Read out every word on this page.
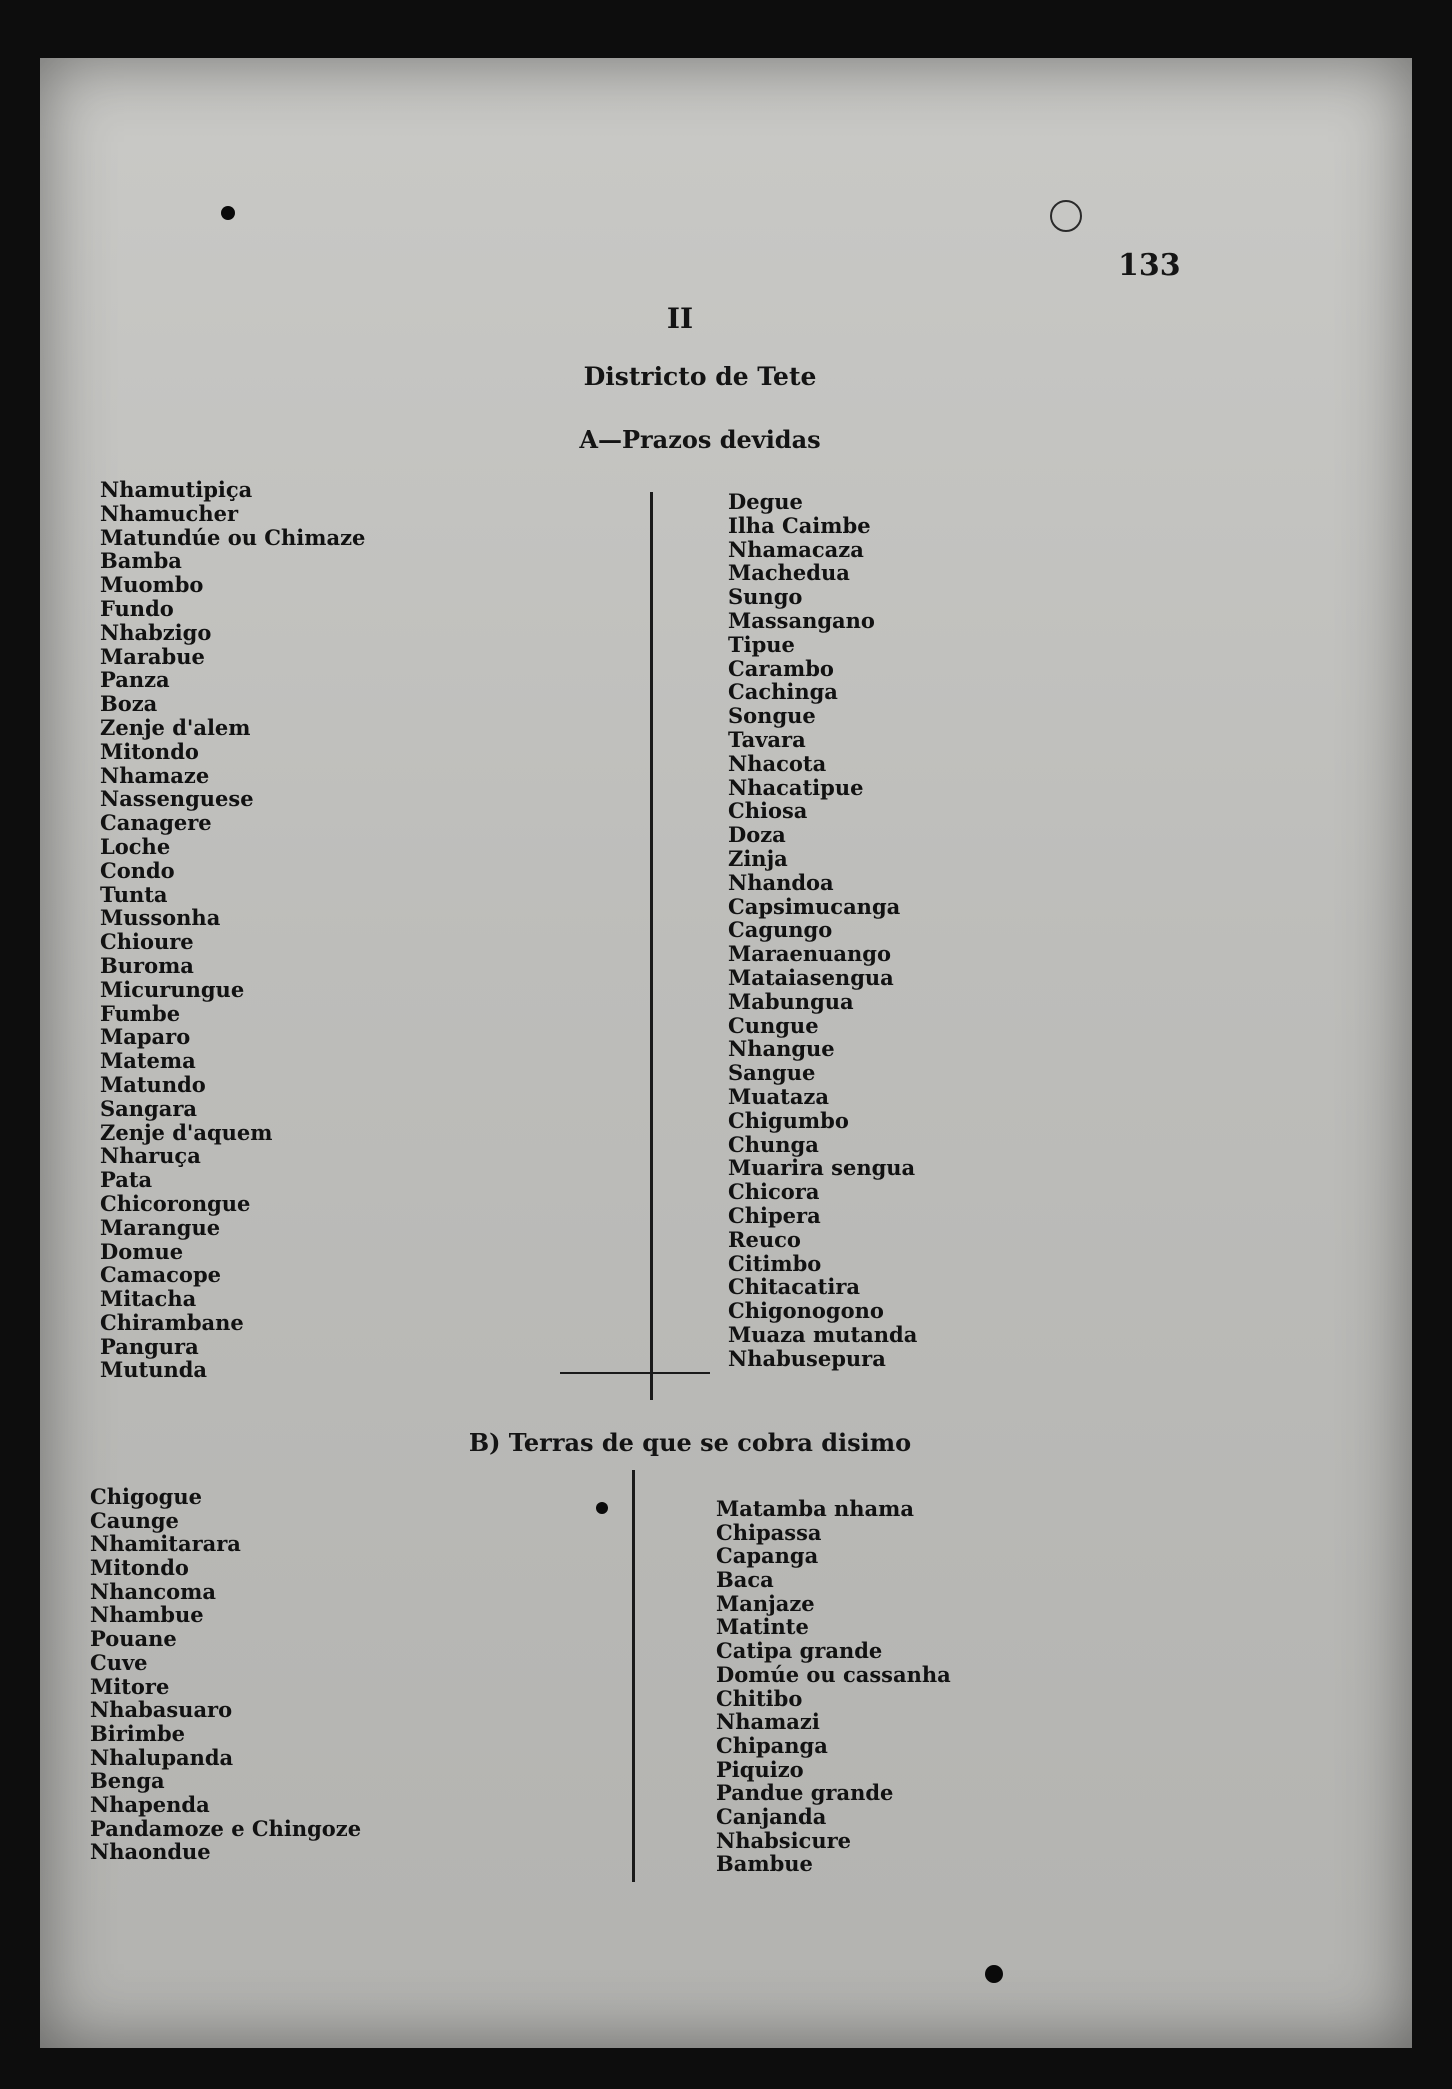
133
II
Districto de Tete
A—Prazos devidas
Nhamutipiça
Nhamucher
Matundúe ou Chimaze
Bamba
Muombo
Fundo
Nhabzigo
Marabue
Panza
Boza
Zenje d'alem
Mitondo
Nhamaze
Nassenguese
Canagere
Loche
Condo
Tunta
Mussonha
Chioure
Buroma
Micurungue
Fumbe
Maparo
Matema
Matundo
Sangara
Zenje d'aquem
Nharuça
Pata
Chicorongue
Marangue
Domue
Camacope
Mitacha
Chirambane
Pangura
Mutunda
Degue
Ilha Caimbe
Nhamacaza
Machedua
Sungo
Massangano
Tipue
Carambo
Cachinga
Songue
Tavara
Nhacota
Nhacatipue
Chiosa
Doza
Zinja
Nhandoa
Capsimucanga
Cagungo
Maraenuango
Mataiasengua
Mabungua
Cungue
Nhangue
Sangue
Muataza
Chigumbo
Chunga
Muarira sengua
Chicora
Chipera
Reuco
Citimbo
Chitacatira
Chigonogono
Muaza mutanda
Nhabusepura
B) Terras de que se cobra disimo
Chigogue
Caunge
Nhamitarara
Mitondo
Nhancoma
Nhambue
Pouane
Cuve
Mitore
Nhabasuaro
Birimbe
Nhalupanda
Benga
Nhapenda
Pandamoze e Chingoze
Nhaondue
Matamba nhama
Chipassa
Capanga
Baca
Manjaze
Matinte
Catipa grande
Domúe ou cassanha
Chitibo
Nhamazi
Chipanga
Piquizo
Pandue grande
Canjanda
Nhabsicure
Bambue
